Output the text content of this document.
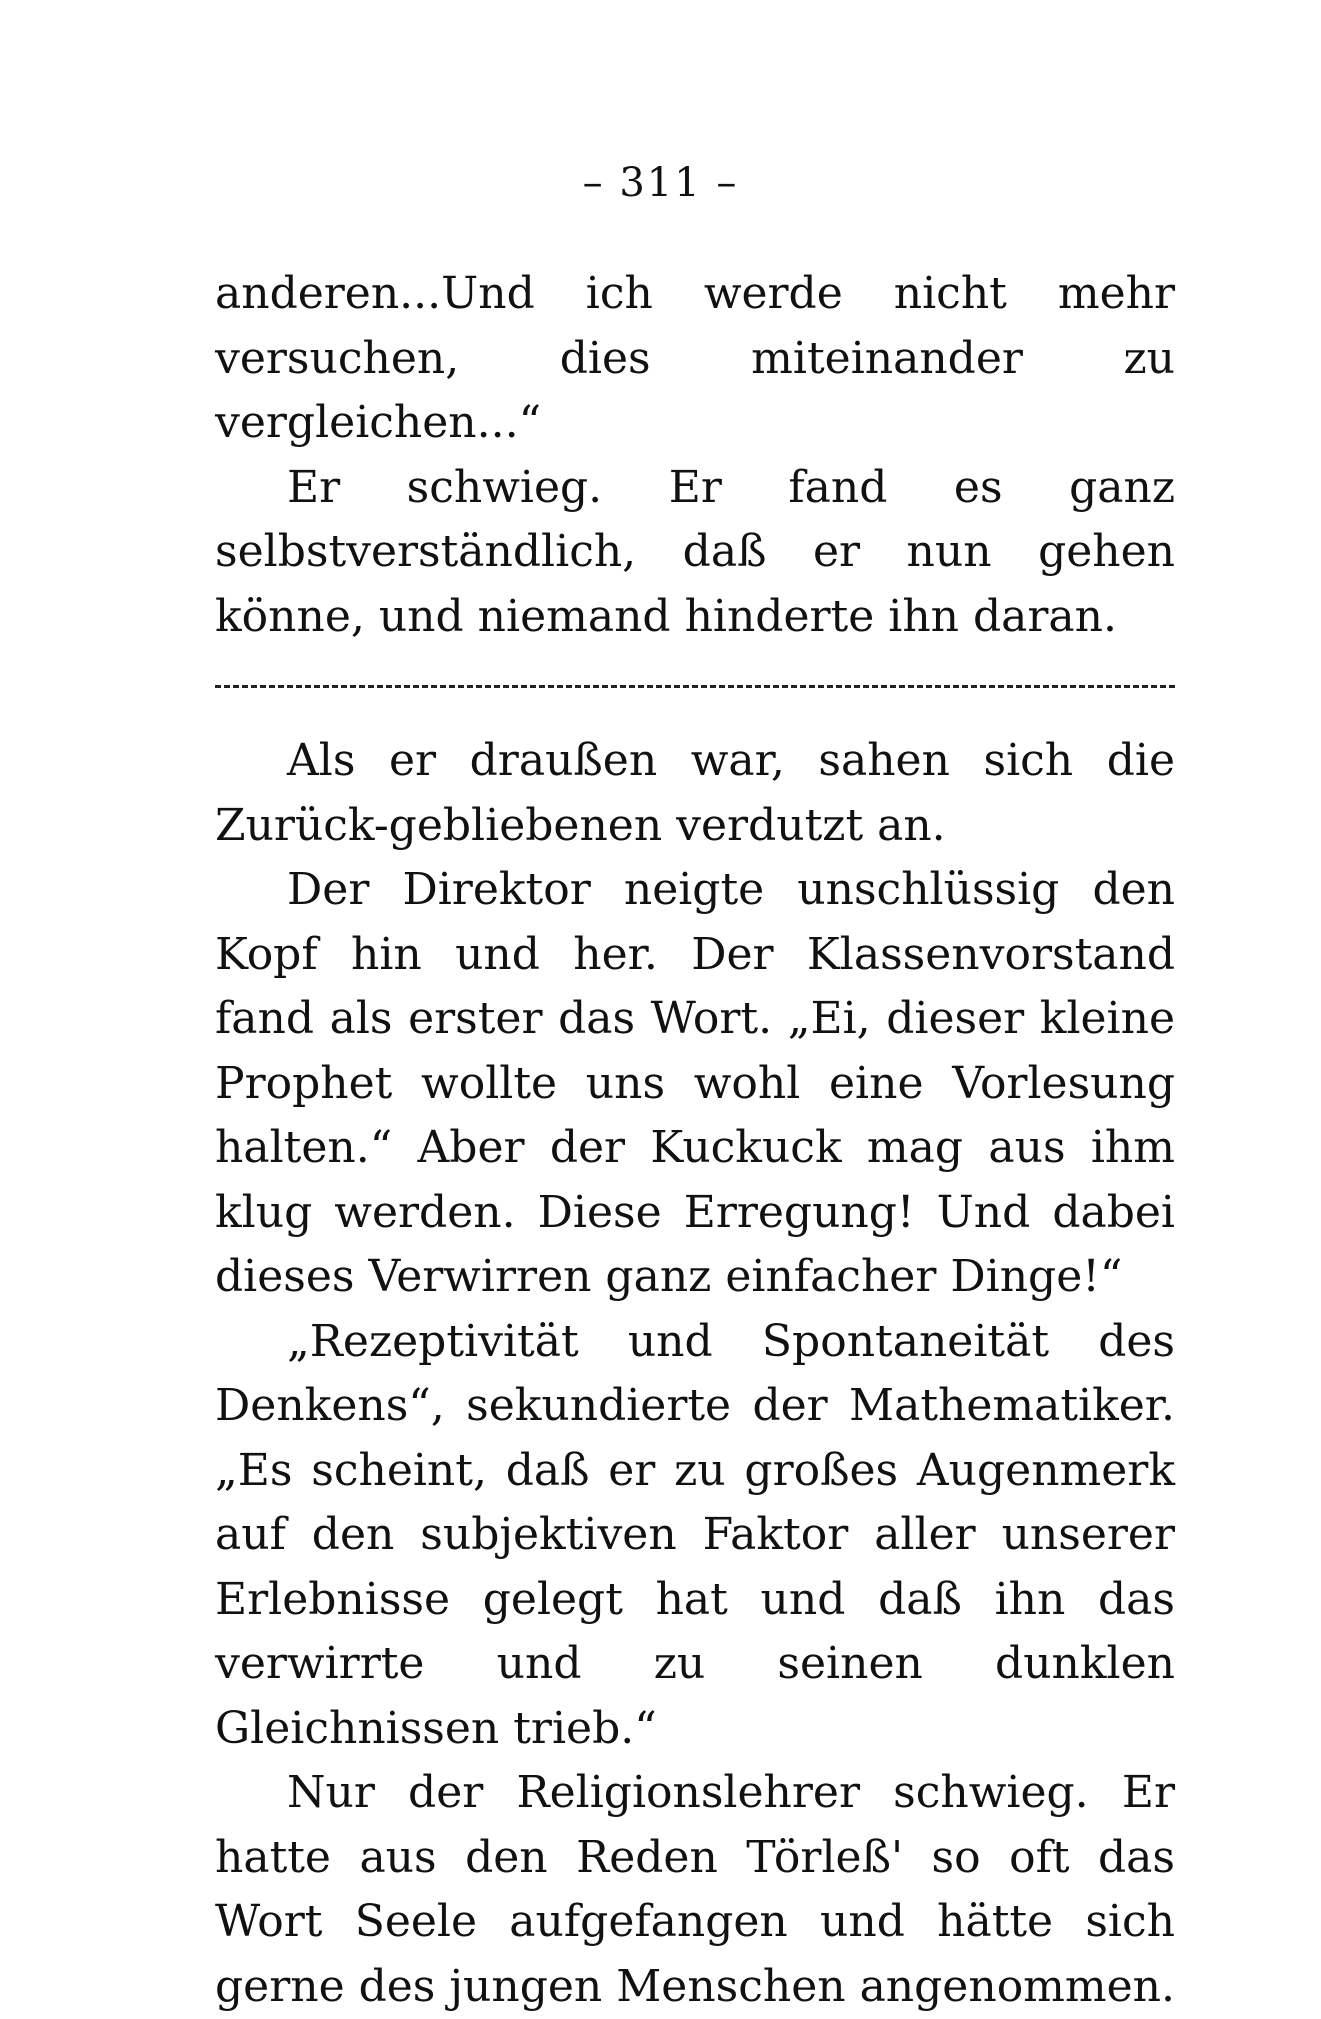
– 311 –

anderen...Und ich werde nicht mehr versuchen, dies miteinander zu vergleichen...“

Er schwieg. Er fand es ganz selbstverständlich, daß er nun gehen könne, und niemand hinderte ihn daran.

Als er draußen war, sahen sich die Zurück-gebliebenen verdutzt an.

Der Direktor neigte unschlüssig den Kopf hin und her. Der Klassenvorstand fand als erster das Wort. „Ei, dieser kleine Prophet wollte uns wohl eine Vorlesung halten.“ Aber der Kuckuck mag aus ihm klug werden. Diese Erregung! Und dabei dieses Verwirren ganz einfacher Dinge!“

„Rezeptivität und Spontaneität des Denkens“, sekundierte der Mathematiker. „Es scheint, daß er zu großes Augenmerk auf den subjektiven Faktor aller unserer Erlebnisse gelegt hat und daß ihn das verwirrte und zu seinen dunklen Gleichnissen trieb.“

Nur der Religionslehrer schwieg. Er hatte aus den Reden Törleß' so oft das Wort Seele aufgefangen und hätte sich gerne des jungen Menschen angenommen.
